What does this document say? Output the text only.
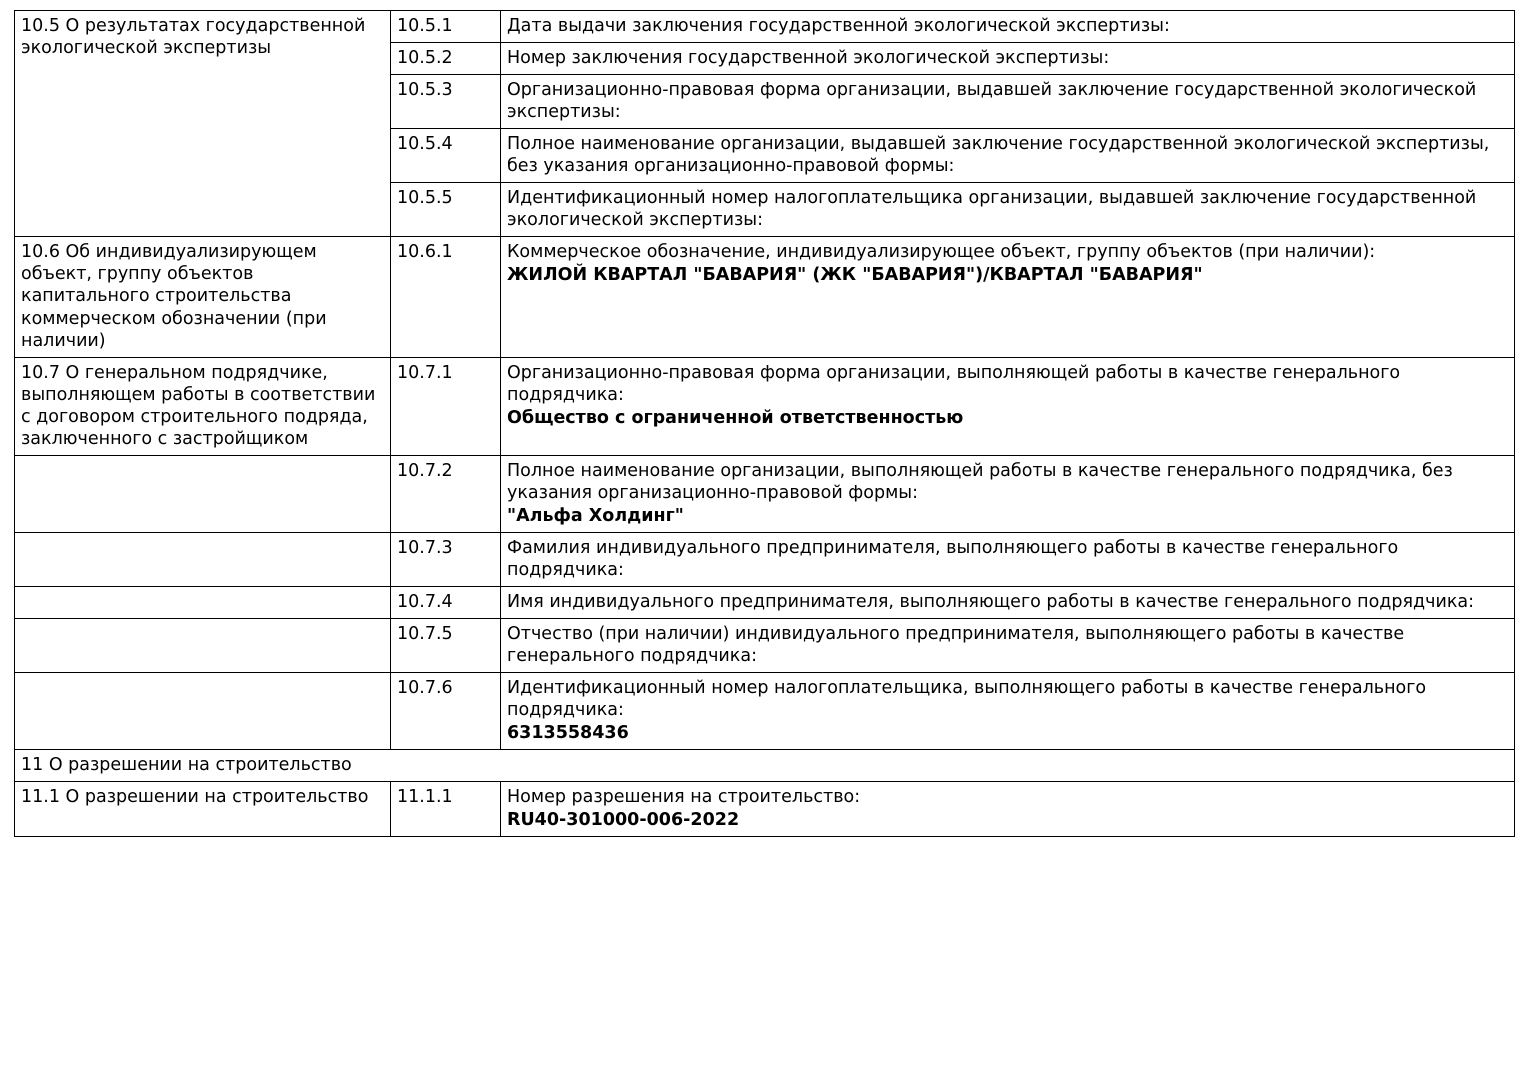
10.5 О результатах государственной экологической экспертизы	10.5.1	Дата выдачи заключения государственной экологической экспертизы:

	10.5.2	Номер заключения государственной экологической экспертизы:

	10.5.3	Организационно-правовая форма организации, выдавшей заключение государственной экологической экспертизы:

	10.5.4	Полное наименование организации, выдавшей заключение государственной экологической экспертизы, без указания организационно-правовой формы:

	10.5.5	Идентификационный номер налогоплательщика организации, выдавшей заключение государственной экологической экспертизы:

10.6 Об индивидуализирующем объект, группу объектов капитального строительства коммерческом обозначении (при наличии)	10.6.1	Коммерческое обозначение, индивидуализирующее объект, группу объектов (при наличии):
ЖИЛОЙ КВАРТАЛ "БАВАРИЯ" (ЖК "БАВАРИЯ")/КВАРТАЛ "БАВАРИЯ"

10.7 О генеральном подрядчике, выполняющем работы в соответствии с договором строительного подряда, заключенного с застройщиком	10.7.1	Организационно-правовая форма организации, выполняющей работы в качестве генерального подрядчика:
Общество с ограниченной ответственностью

	10.7.2	Полное наименование организации, выполняющей работы в качестве генерального подрядчика, без указания организационно-правовой формы:
"Альфа Холдинг"

	10.7.3	Фамилия индивидуального предпринимателя, выполняющего работы в качестве генерального подрядчика:

	10.7.4	Имя индивидуального предпринимателя, выполняющего работы в качестве генерального подрядчика:

	10.7.5	Отчество (при наличии) индивидуального предпринимателя, выполняющего работы в качестве генерального подрядчика:

	10.7.6	Идентификационный номер налогоплательщика, выполняющего работы в качестве генерального подрядчика:
6313558436

11 О разрешении на строительство		
11.1 О разрешении на строительство	11.1.1	Номер разрешения на строительство:
RU40-301000-006-2022
